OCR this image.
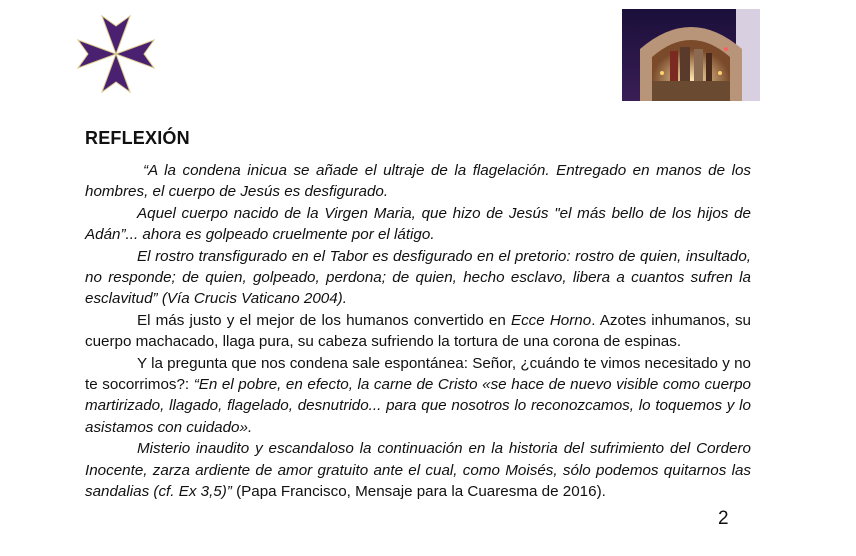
REFLEXIÓN

“A la condena inicua se añade el ultraje de la flagelación. Entregado en manos de los hombres, el cuerpo de Jesús es desfigurado.

Aquel cuerpo nacido de la Virgen Maria, que hizo de Jesús "el más bello de los hijos de Adán”... ahora es golpeado cruelmente por el látigo.

El rostro transfigurado en el Tabor es desfigurado en el pretorio: rostro de quien, insultado, no responde; de quien, golpeado, perdona; de quien, hecho esclavo, libera a cuantos sufren la esclavitud” (Vía Crucis Vaticano 2004).

El más justo y el mejor de los humanos convertido en Ecce Horno. Azotes inhumanos, su cuerpo machacado, llaga pura, su cabeza sufriendo la tortura de una corona de espinas.

Y la pregunta que nos condena sale espontánea: Señor, ¿cuándo te vimos necesitado y no te socorrimos?: “En el pobre, en efecto, la carne de Cristo «se hace de nuevo visible como cuerpo martirizado, llagado, flagelado, desnutrido... para que nosotros lo reconozcamos, lo toquemos y lo asistamos con cuidado».

Misterio inaudito y escandaloso la continuación en la historia del sufrimiento del Cordero Inocente, zarza ardiente de amor gratuito ante el cual, como Moisés, sólo podemos quitarnos las sandalias (cf. Ex 3,5)” (Papa Francisco, Mensaje para la Cuaresma de 2016).

2
